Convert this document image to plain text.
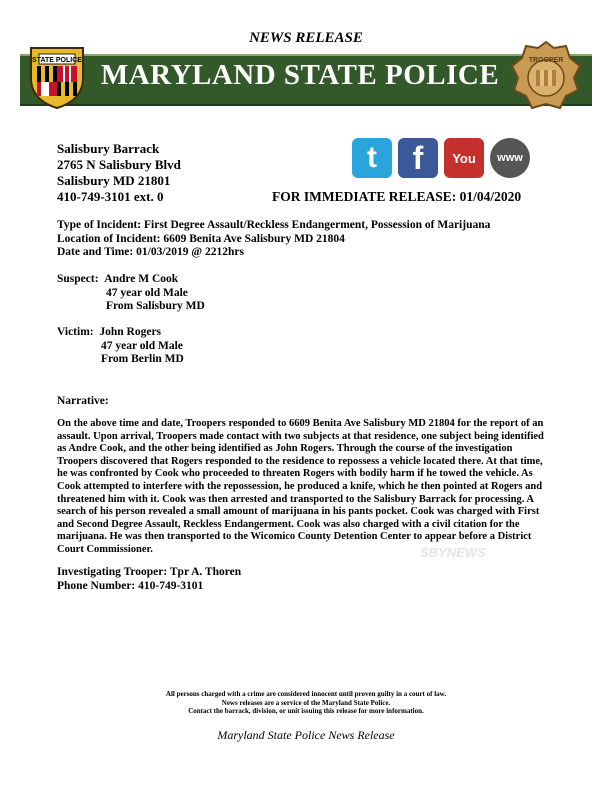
NEWS RELEASE
MARYLAND STATE POLICE
STATE POLICE	TROOPER
Salisbury Barrack
2765 N Salisbury Blvd
Salisbury MD 21801
410-749-3101 ext. 0
t	f	You	www
FOR IMMEDIATE RELEASE: 01/04/2020
Type of Incident: First Degree Assault/Reckless Endangerment, Possession of Marijuana
Location of Incident: 6609 Benita Ave Salisbury MD 21804
Date and Time: 01/03/2019 @ 2212hrs
Suspect: Andre M Cook
47 year old Male
From Salisbury MD
Victim: John Rogers
47 year old Male
From Berlin MD
Narrative:
On the above time and date, Troopers responded to 6609 Benita Ave Salisbury MD 21804 for the report of an assault. Upon arrival, Troopers made contact with two subjects at that residence, one subject being identified as Andre Cook, and the other being identified as John Rogers. Through the course of the investigation Troopers discovered that Rogers responded to the residence to repossess a vehicle located there. At that time, he was confronted by Cook who proceeded to threaten Rogers with bodily harm if he towed the vehicle. As Cook attempted to interfere with the repossession, he produced a knife, which he then pointed at Rogers and threatened him with it. Cook was then arrested and transported to the Salisbury Barrack for processing. A search of his person revealed a small amount of marijuana in his pants pocket. Cook was charged with First and Second Degree Assault, Reckless Endangerment. Cook was also charged with a civil citation for the marijuana. He was then transported to the Wicomico County Detention Center to appear before a District Court Commissioner.	SBYNEWS
Investigating Trooper: Tpr A. Thoren
Phone Number: 410-749-3101
All persons charged with a crime are considered innocent until proven guilty in a court of law.
News releases are a service of the Maryland State Police.
Contact the barrack, division, or unit issuing this release for more information.
Maryland State Police News Release
